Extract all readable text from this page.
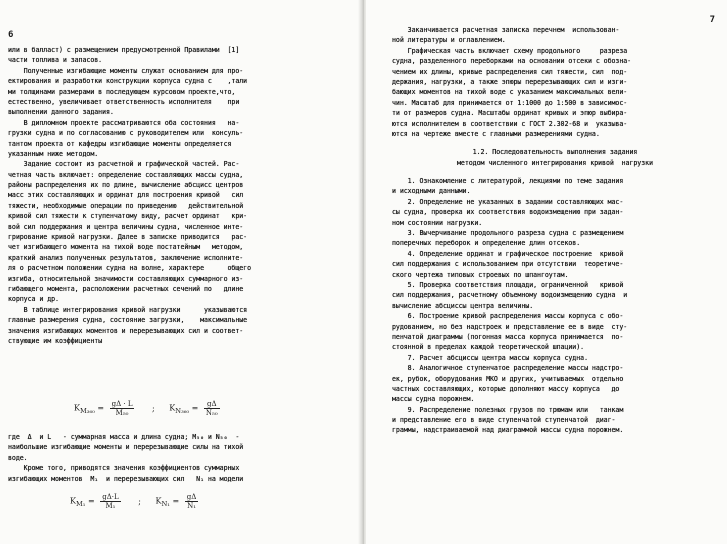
6
или в балласт) с размещением предусмотренной Правилами  [1]
части топлива и запасов.
Полученные изгибающие моменты служат основанием для про-
ектирования и разработки конструкции корпуса судна с    ,тали
ми толщинами размерами в последующем курсовом проекте,что,
естественно, увеличивает ответственность исполнителя    при
выполнении данного задания.
В дипломном проекте рассматриваются оба состояния   на-
грузки судна и по согласованию с руководителем или  консуль-
тантом проекта от кафедры изгибающие моменты определяется
указанным ниже методом.
Задание состоит из расчетной и графической частей. Рас-
четная часть включает: определение составляющих массы судна,
районы распределения их по длине, вычисление абсцисс центров
масс этих составляющих и ординат для построения кривой   сил
тяжести, необходимые операции по приведению   действительной
кривой сил тяжести к ступенчатому виду, расчет ординат   кри-
вой сил поддержания и центра величины судна, численное инте-
грирование кривой нагрузки. Далее в записке приводится   рас-
чет изгибающего момента на тихой воде постатейным   методом,
краткий анализ полученных результатов, заключение исполните-
ля о расчетном положении судна на волне, характере      общего
изгиба, относительной значимости составляющих суммарного из-
гибающего момента, расположении расчетных сечений по   длине
корпуса и др.
В таблице интегрирования кривой нагрузки      указываются
главные размерения судна, состояние загрузки,    максимальные
значения изгибающих моментов и перерезывающих сил и соответ-
ствующие им коэффициенты
$K_{M_{360}} = \frac{g\Delta \cdot L}{\text{M₅₀}}$ ; $K_{N_{360}} = \frac{g\Delta}{\text{N₅₀}}$
где  Δ  и L   - суммарная масса и длина судна; M₅₀ и N₅₀  -
наибольшие изгибающие моменты и перерезывающие силы на тихой
воде.
Кроме того, приводятся значения коэффициентов суммарных
изгибающих моментов  M₁  и перерезывающих сил   N₁ на модели
$K_{M_1} = \frac{g\Delta\cdot L}{\text{M₁}}$ ; $K_{N_1} = \frac{g\Delta}{\text{N₁}}$
7
Заканчивается расчетная записка перечнем  использован-
ной литературы и оглавлением.
Графическая часть включает схему продольного     разреза
судна, разделенного переборками на основании отсеки с обозна-
чением их длины, кривые распределения сил тяжести, сил  под-
держания, нагрузки, а также эпюры перерезывающих сил и изги-
бающих моментов на тихой воде с указанием максимальных вели-
чин. Масштаб для принимается от 1:1000 до 1:500 в зависимос-
ти от размеров судна. Масштабы ординат кривых и эпюр выбира-
ются исполнителем в соответствии с ГОСТ 2.302-68 и  указыва-
ются на чертеже вместе с главными размерениями судна.
1.2. Последовательность выполнения задания
методом численного интегрирования кривой  нагрузки
1. Ознакомление с литературой, лекциями по теме задания
и исходными данными.
2. Определение не указанных в задании составляющих мас-
сы судна, проверка их соответствия водоизмещению при задан-
ном состоянии нагрузки.
3. Вычерчивание продольного разреза судна с размещением
поперечных переборок и определение длин отсеков.
4. Определение ординат и графическое построение  кривой
сил поддержания с использованием при отсутствии  теоретиче-
ского чертежа типовых строевых по шпангоутам.
5. Проверка соответствия площади, ограниченной   кривой
сил поддержания, расчетному объемному водоизмещению судна  и
вычисление абсциссы центра величины.
6. Построение кривой распределения массы корпуса с обо-
рудованием, но без надстроек и представление ее в виде  сту-
пенчатой диаграммы (погонная масса корпуса принимается  по-
стоянной в пределах каждой теоретической шпации).
7. Расчет абсциссы центра массы корпуса судна.
8. Аналогичное ступенчатое распределение массы надстро-
ек, рубок, оборудования МКО и других, учитываемых  отдельно
частных составляющих, которые дополняют массу корпуса   до
массы судна порожнем.
9. Распределение полезных грузов по трюмам или   танкам
и представление его в виде ступенчатой ступенчатой  диаг-
граммы, надстраиваемой над диаграммой массы судна порожнем.
